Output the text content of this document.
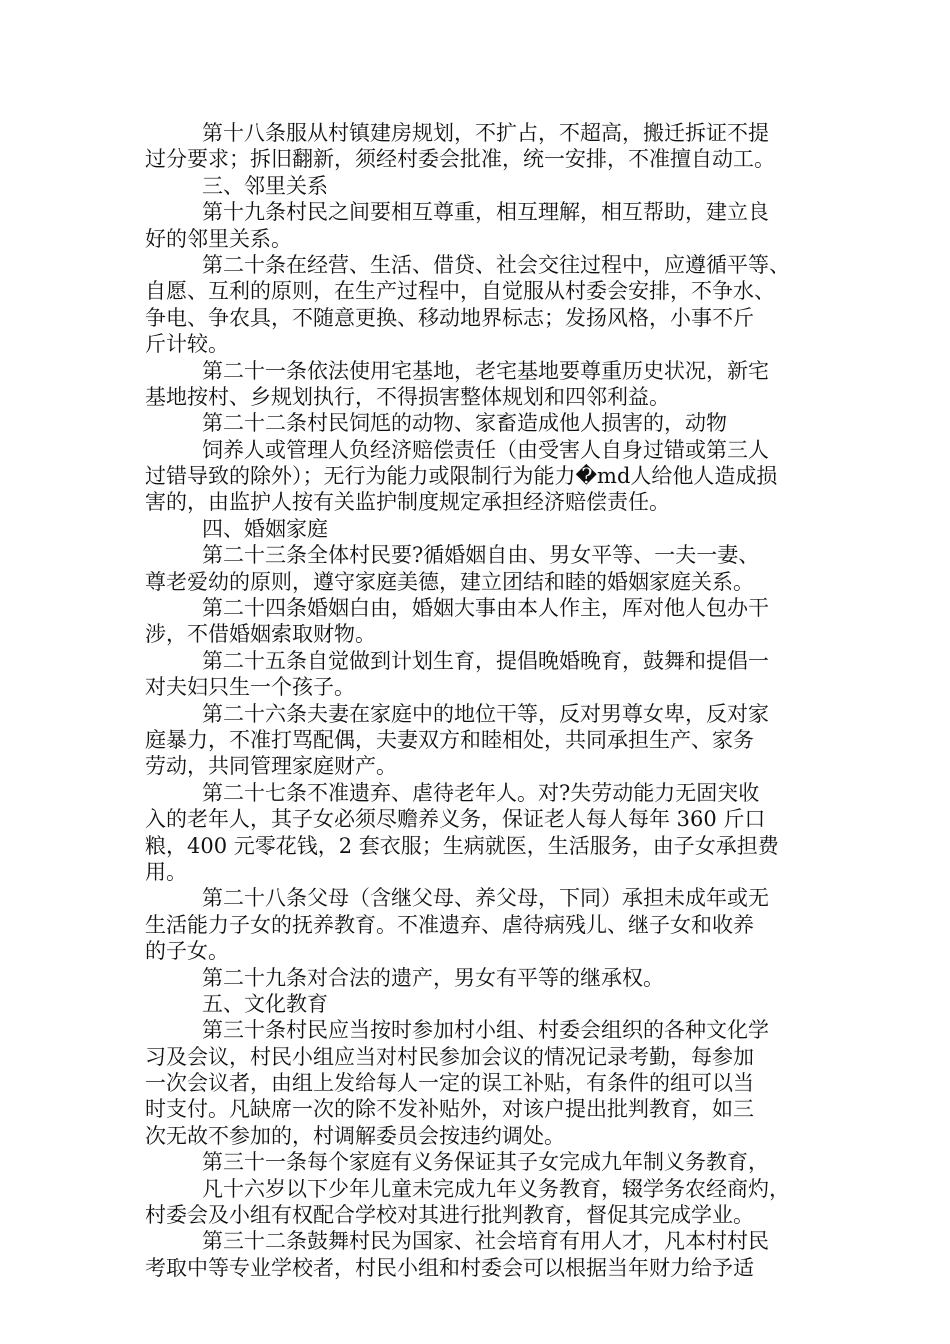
第十八条服从村镇建房规划，不扩占，不超高，搬迁拆证不提
过分要求；拆旧翻新，须经村委会批准，统一安排，不准擅自动工。
三、邻里关系
第十九条村民之间要相互尊重，相互理解，相互帮助，建立良
好的邻里关系。
第二十条在经营、生活、借贷、社会交往过程中，应遵循平等、
自愿、互利的原则，在生产过程中，自觉服从村委会安排，不争水、
争电、争农具，不随意更换、移动地界标志；发扬风格，小事不斤
斤计较。
第二十一条依法使用宅基地，老宅基地要尊重历史状况，新宅
基地按村、乡规划执行，不得损害整体规划和四邻利益。
第二十二条村民饲尪的动物、家畜造成他人损害的，动物
饲养人或管理人负经济赔偿责任（由受害人自身过错或第三人
过错导致的除外）；无行为能力或限制行为能力�md人给他人造成损
害的，由监护人按有关监护制度规定承担经济赔偿责任。
四、婚姻家庭
第二十三条全体村民要?循婚姻自由、男女平等、一夫一妻、
尊老爱幼的原则，遵守家庭美德，建立团结和睦的婚姻家庭关系。
第二十四条婚姻白由，婚姻大事由本人作主，厍对他人包办干
涉，不借婚姻索取财物。
第二十五条自觉做到计划生育，提倡晚婚晚育，鼓舞和提倡一
对夫妇只生一个孩子。
第二十六条夫妻在家庭中的地位干等，反对男尊女卑，反对家
庭暴力，不准打骂配偶，夫妻双方和睦相处，共同承担生产、家务
劳动，共同管理家庭财产。
第二十七条不准遗弃、虐待老年人。对?失劳动能力无固宊收
入的老年人，其子女必须尽赡养义务，保证老人每人每年 360 斤口
粮，400 元零花钱，2 套衣服；生病就医，生活服务，由子女承担费
用。
第二十八条父母（含继父母、养父母，下同）承担未成年或无
生活能力子女的抚养教育。不准遗弃、虐待病残儿、继子女和收养
的子女。
第二十九条对合法的遗产，男女有平等的继承权。
五、文化教育
第三十条村民应当按时参加村小组、村委会组织的各种文化学
习及会议，村民小组应当对村民参加会议的情况记录考勤，每参加
一次会议者，由组上发给每人一定的误工补贴，有条件的组可以当
时支付。凡缺席一次的除不发补贴外，对该户提出批判教育，如三
次无故不参加的，村调解委员会按违约调处。
第三十一条每个家庭有义务保证其子女完成九年制义务教育，
凡十六岁以下少年儿童未完成九年义务教育，辍学务农经商灼，
村委会及小组有权配合学校对其进行批判教育，督促其完成学业。
第三十二条鼓舞村民为国家、社会培育有用人才，凡本村村民
考取中等专业学校者，村民小组和村委会可以根据当年财力给予适
